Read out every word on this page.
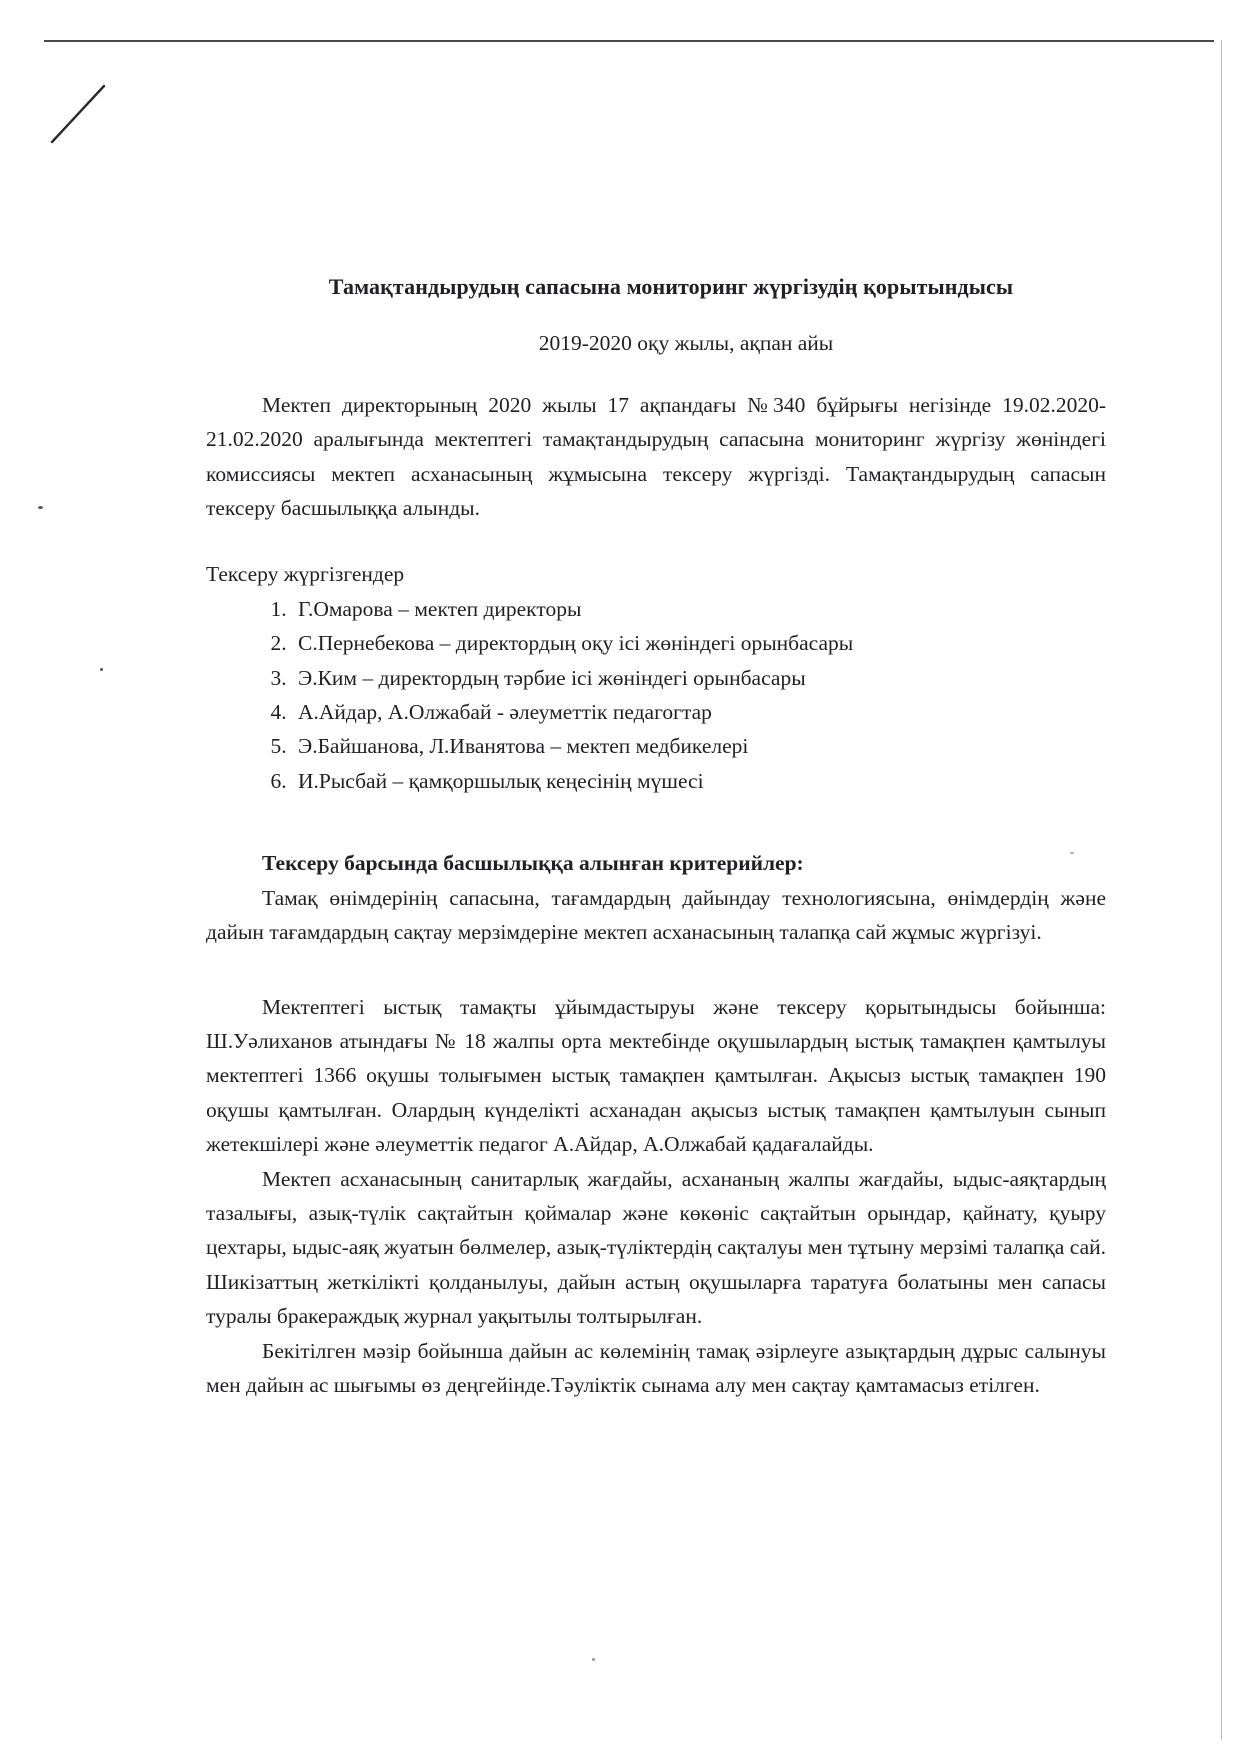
Тамақтандырудың сапасына мониторинг жүргізудің қорытындысы
2019-2020 оқу жылы, ақпан айы

Мектеп директорының 2020 жылы 17 ақпандағы №340 бұйрығы негізінде 19.02.2020-21.02.2020 аралығында мектептегі тамақтандырудың сапасына мониторинг жүргізу жөніндегі комиссиясы мектеп асханасының жұмысына тексеру жүргізді. Тамақтандырудың сапасын тексеру басшылыққа алынды.

Тексеру жүргізгендер

1. Г.Омарова – мектеп директоры
2. С.Пернебекова – директордың оқу ісі жөніндегі орынбасары
3. Э.Ким – директордың тәрбие ісі жөніндегі орынбасары
4. А.Айдар, А.Олжабай - әлеуметтік педагогтар
5. Э.Байшанова, Л.Иванятова – мектеп медбикелері
6. И.Рысбай – қамқоршылық кеңесінің мүшесі

Тексеру барсында басшылыққа алынған критерийлер:

Тамақ өнімдерінің сапасына, тағамдардың дайындау технологиясына, өнімдердің және дайын тағамдардың сақтау мерзімдеріне мектеп асханасының талапқа сай жұмыс жүргізуі.

Мектептегі ыстық тамақты ұйымдастыруы және тексеру қорытындысы бойынша: Ш.Уәлиханов атындағы № 18 жалпы орта мектебінде оқушылардың ыстық тамақпен қамтылуы мектептегі 1366 оқушы толығымен ыстық тамақпен қамтылған. Ақысыз ыстық тамақпен 190 оқушы қамтылған. Олардың күнделікті асханадан ақысыз ыстық тамақпен қамтылуын сынып жетекшілері және әлеуметтік педагог А.Айдар, А.Олжабай қадағалайды.

Мектеп асханасының санитарлық жағдайы, асхананың жалпы жағдайы, ыдыс-аяқтардың тазалығы, азық-түлік сақтайтын қоймалар және көкөніс сақтайтын орындар, қайнату, қуыру цехтары, ыдыс-аяқ жуатын бөлмелер, азық-түліктердің сақталуы мен тұтыну мерзімі талапқа сай. Шикізаттың жеткілікті қолданылуы, дайын астың оқушыларға таратуға болатыны мен сапасы туралы бракераждық журнал уақытылы толтырылған.

Бекітілген мәзір бойынша дайын ас көлемінің тамақ әзірлеуге азықтардың дұрыс салынуы мен дайын ас шығымы өз деңгейінде.Тәуліктік сынама алу мен сақтау қамтамасыз етілген.
